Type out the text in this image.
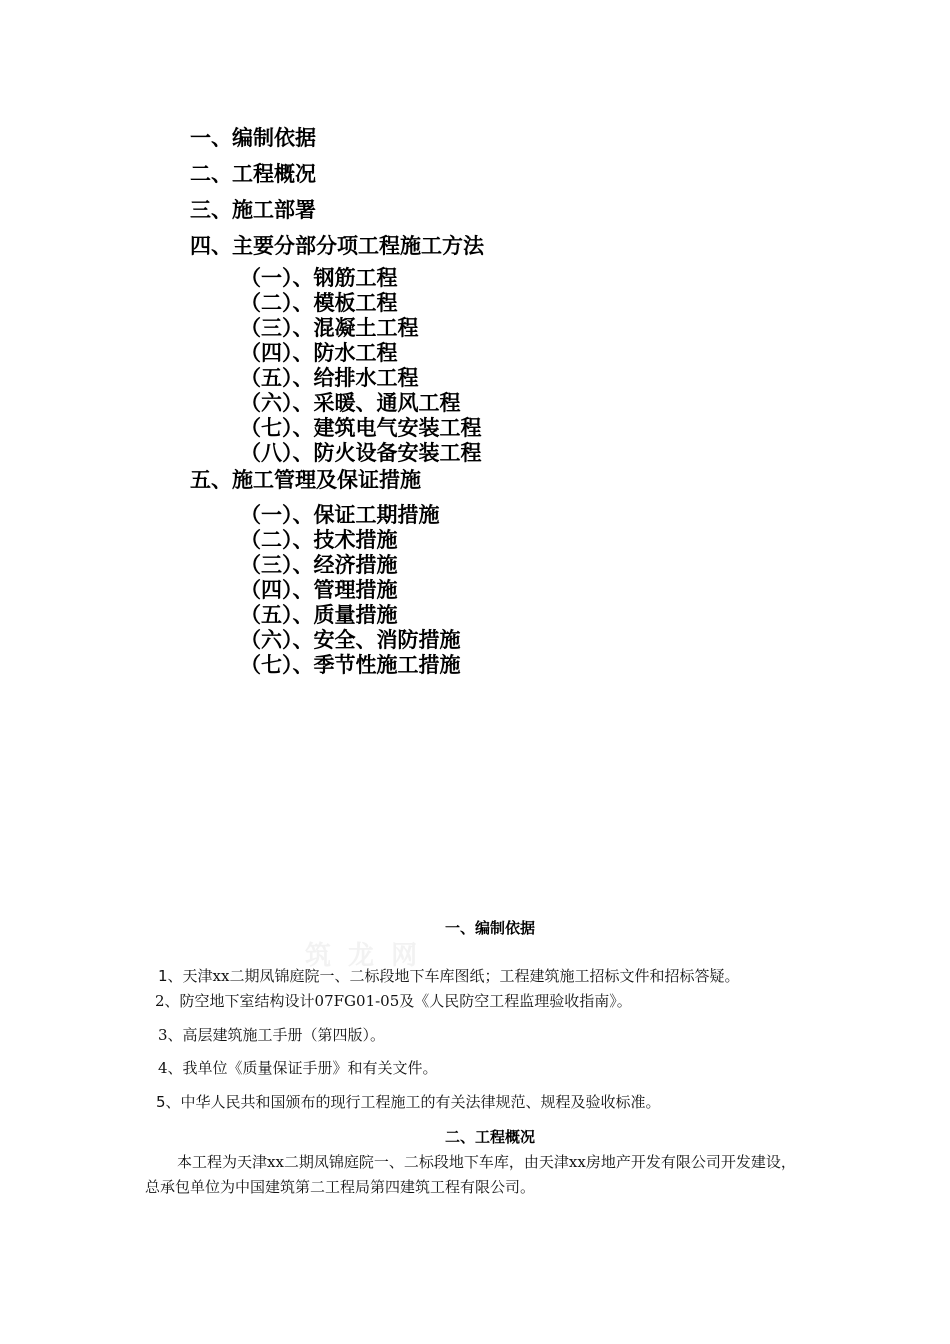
一、编制依据
二、工程概况
三、施工部署
四、主要分部分项工程施工方法
（一）、钢筋工程
（二）、模板工程
（三）、混凝土工程
（四）、防水工程
（五）、给排水工程
（六）、采暖、通风工程
（七）、建筑电气安装工程
（八）、防火设备安装工程
五、施工管理及保证措施
（一）、保证工期措施
（二）、技术措施
（三）、经济措施
（四）、管理措施
（五）、质量措施
（六）、安全、消防措施
（七）、季节性施工措施
一、编制依据
筑 龙 网
1、天津xx二期凤锦庭院一、二标段地下车库图纸；工程建筑施工招标文件和招标答疑。
2、防空地下室结构设计07FG01-05及《人民防空工程监理验收指南》。
3、高层建筑施工手册（第四版）。
4、我单位《质量保证手册》和有关文件。
5、中华人民共和国颁布的现行工程施工的有关法律规范、规程及验收标准。
二、工程概况
本工程为天津xx二期凤锦庭院一、二标段地下车库，由天津xx房地产开发有限公司开发建设，总承包单位为中国建筑第二工程局第四建筑工程有限公司。
